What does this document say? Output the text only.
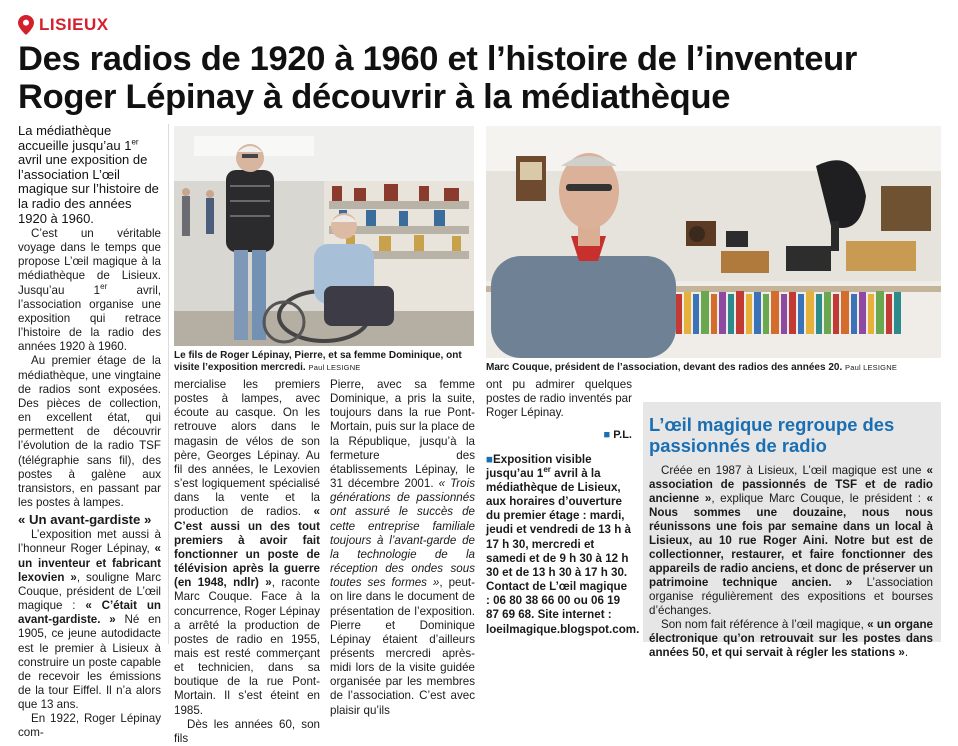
LISIEUX
Des radios de 1920 à 1960 et l’histoire de l’inventeur
Roger Lépinay à découvrir à la médiathèque
La médiathèque accueille jusqu’au 1er avril une exposition de l’association L’œil magique sur l’histoire de la radio des années 1920 à 1960.

C’est un véritable voyage dans le temps que propose L’œil magique à la médiathèque de Lisieux. Jusqu’au 1er avril, l’association organise une exposition qui retrace l’histoire de la radio des années 1920 à 1960.

Au premier étage de la médiathèque, une vingtaine de radios sont exposées. Des pièces de collection, en excellent état, qui permettent de découvrir l’évolution de la radio TSF (télégraphie sans fil), des postes à galène aux transistors, en passant par les postes à lampes.

« Un avant-gardiste »

L’exposition met aussi à l’honneur Roger Lépinay, « un inventeur et fabricant lexovien », souligne Marc Couque, président de L’œil magique : « C’était un avant-gardiste. » Né en 1905, ce jeune autodidacte est le premier à Lisieux à construire un poste capable de recevoir les émissions de la tour Eiffel. Il n’a alors que 13 ans.

En 1922, Roger Lépinay com-

Le fils de Roger Lépinay, Pierre, et sa femme Dominique, ont visite l’exposition mercredi. Paul LESIGNE	Marc Couque, président de l’association, devant des radios des années 20. Paul LESIGNE

mercialise les premiers postes à lampes, avec écoute au casque. On les retrouve alors dans le magasin de vélos de son père, Georges Lépinay. Au fil des années, le Lexovien s’est logiquement spécialisé dans la vente et la production de radios. « C’est aussi un des tout premiers à avoir fait fonctionner un poste de télévision après la guerre (en 1948, ndlr) », raconte Marc Couque. Face à la concurrence, Roger Lépinay a arrêté la production de postes de radio en 1955, mais est resté commerçant et technicien, dans sa boutique de la rue Pont-Mortain. Il s’est éteint en 1985.

Dès les années 60, son fils

Pierre, avec sa femme Dominique, a pris la suite, toujours dans la rue Pont-Mortain, puis sur la place de la République, jusqu’à la fermeture des établissements Lépinay, le 31 décembre 2001. « Trois générations de passionnés ont assuré le succès de cette entreprise familiale toujours à l’avant-garde de la technologie de la réception des ondes sous toutes ses formes », peut-on lire dans le document de présentation de l’exposition. Pierre et Dominique Lépinay étaient d’ailleurs présents mercredi après-midi lors de la visite guidée organisée par les membres de l’association. C’est avec plaisir qu’ils

ont pu admirer quelques postes de radio inventés par Roger Lépinay.

■ P.L.

■Exposition visible jusqu’au 1er avril à la médiathèque de Lisieux, aux horaires d’ouverture du premier étage : mardi, jeudi et vendredi de 13 h à 17 h 30, mercredi et samedi et de 9 h 30 à 12 h 30 et de 13 h 30 à 17 h 30. Contact de L’œil magique : 06 80 38 66 00 ou 06 19 87 69 68. Site internet : loeilmagique.blogspot.com.

L’œil magique regroupe des passionnés de radio

Créée en 1987 à Lisieux, L’œil magique est une « association de passionnés de TSF et de radio ancienne », explique Marc Couque, le président : « Nous sommes une douzaine, nous nous réunissons une fois par semaine dans un local à Lisieux, au 10 rue Roger Aini. Notre but est de collectionner, restaurer, et faire fonctionner des appareils de radio anciens, et donc de préserver un patrimoine technique ancien. » L’association organise régulièrement des expositions et bourses d’échanges.

Son nom fait référence à l’œil magique, « un organe électronique qu’on retrouvait sur les postes dans années 50, et qui servait à régler les stations ».
